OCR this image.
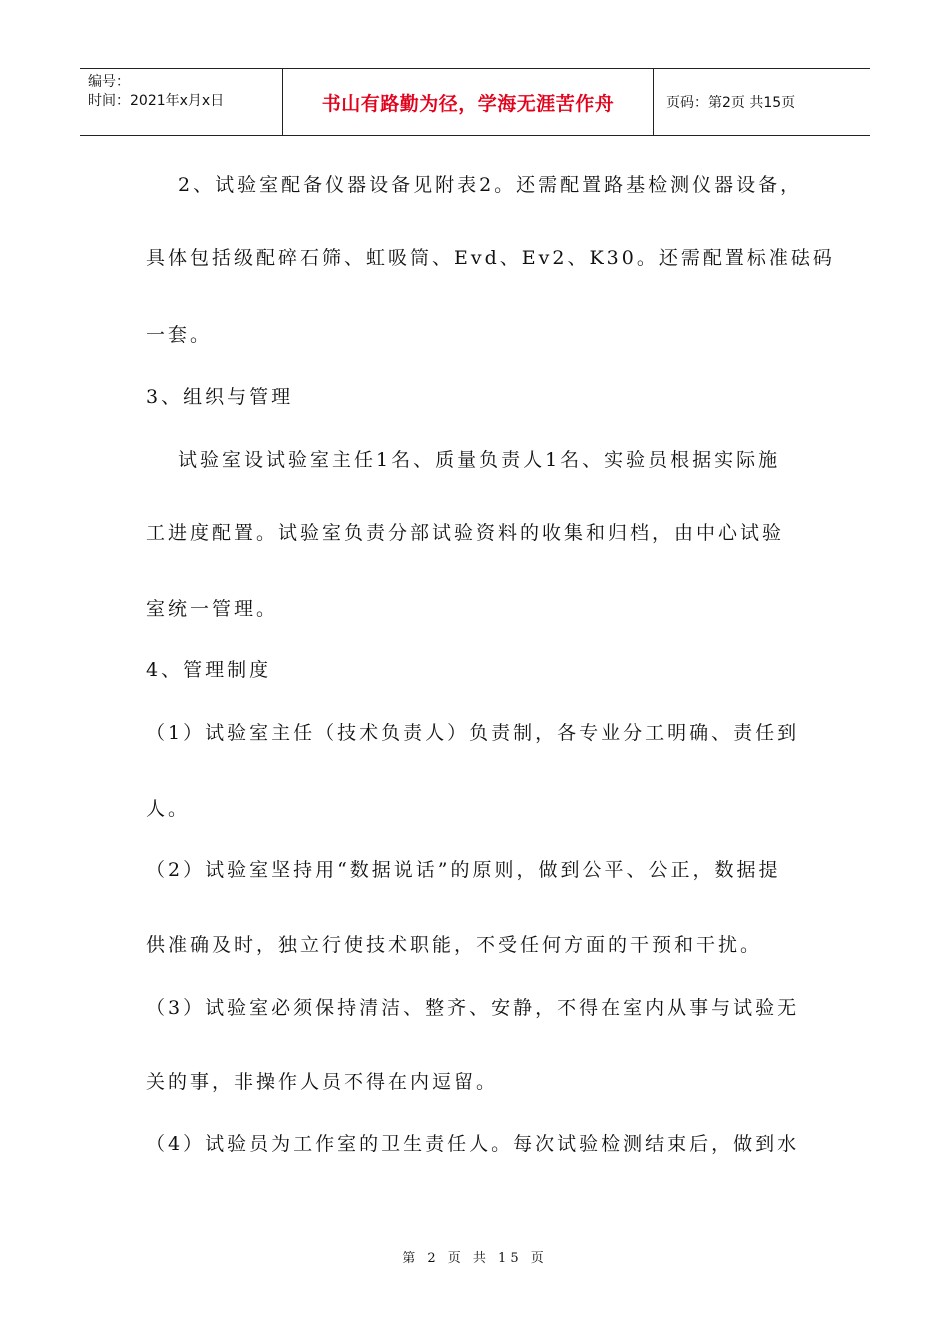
编号：
时间：2021年x月x日	书山有路勤为径，学海无涯苦作舟	页码：第2页 共15页
2、试验室配备仪器设备见附表2。还需配置路基检测仪器设备，
具体包括级配碎石筛、虹吸筒、Evd、Ev2、K30。还需配置标准砝码
一套。
3、组织与管理
试验室设试验室主任1名、质量负责人1名、实验员根据实际施
工进度配置。试验室负责分部试验资料的收集和归档，由中心试验
室统一管理。
4、管理制度
（1）试验室主任（技术负责人）负责制，各专业分工明确、责任到
人。
（2）试验室坚持用“数据说话”的原则，做到公平、公正，数据提
供准确及时，独立行使技术职能，不受任何方面的干预和干扰。
（3）试验室必须保持清洁、整齐、安静，不得在室内从事与试验无
关的事，非操作人员不得在内逗留。
（4）试验员为工作室的卫生责任人。每次试验检测结束后，做到水
第 2 页 共 15 页
